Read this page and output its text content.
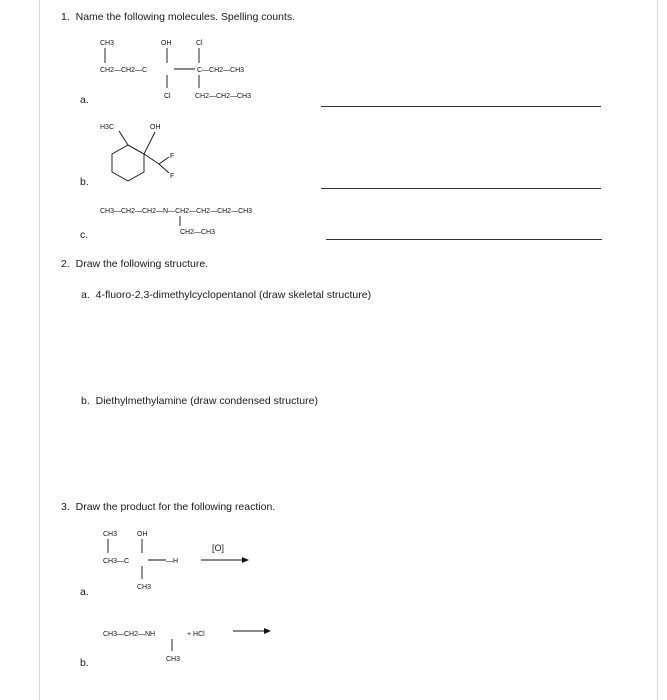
1. Name the following molecules. Spelling counts.
CH3	OH	Cl
CH2—CH2—C	C—CH2—CH3
Cl	CH2—CH2—CH3
a.
H3C	OH
F
F
b.
CH3—CH2—CH2—N—CH2—CH2—CH2—CH3
CH2—CH3
c.
2. Draw the following structure.
a. 4-fluoro-2,3-dimethylcyclopentanol (draw skeletal structure)
b. Diethylmethylamine (draw condensed structure)
3. Draw the product for the following reaction.
CH3	OH
CH3—C	—H
CH3
[O]
a.
CH3—CH2—NH	+ HCl
CH3
b.
